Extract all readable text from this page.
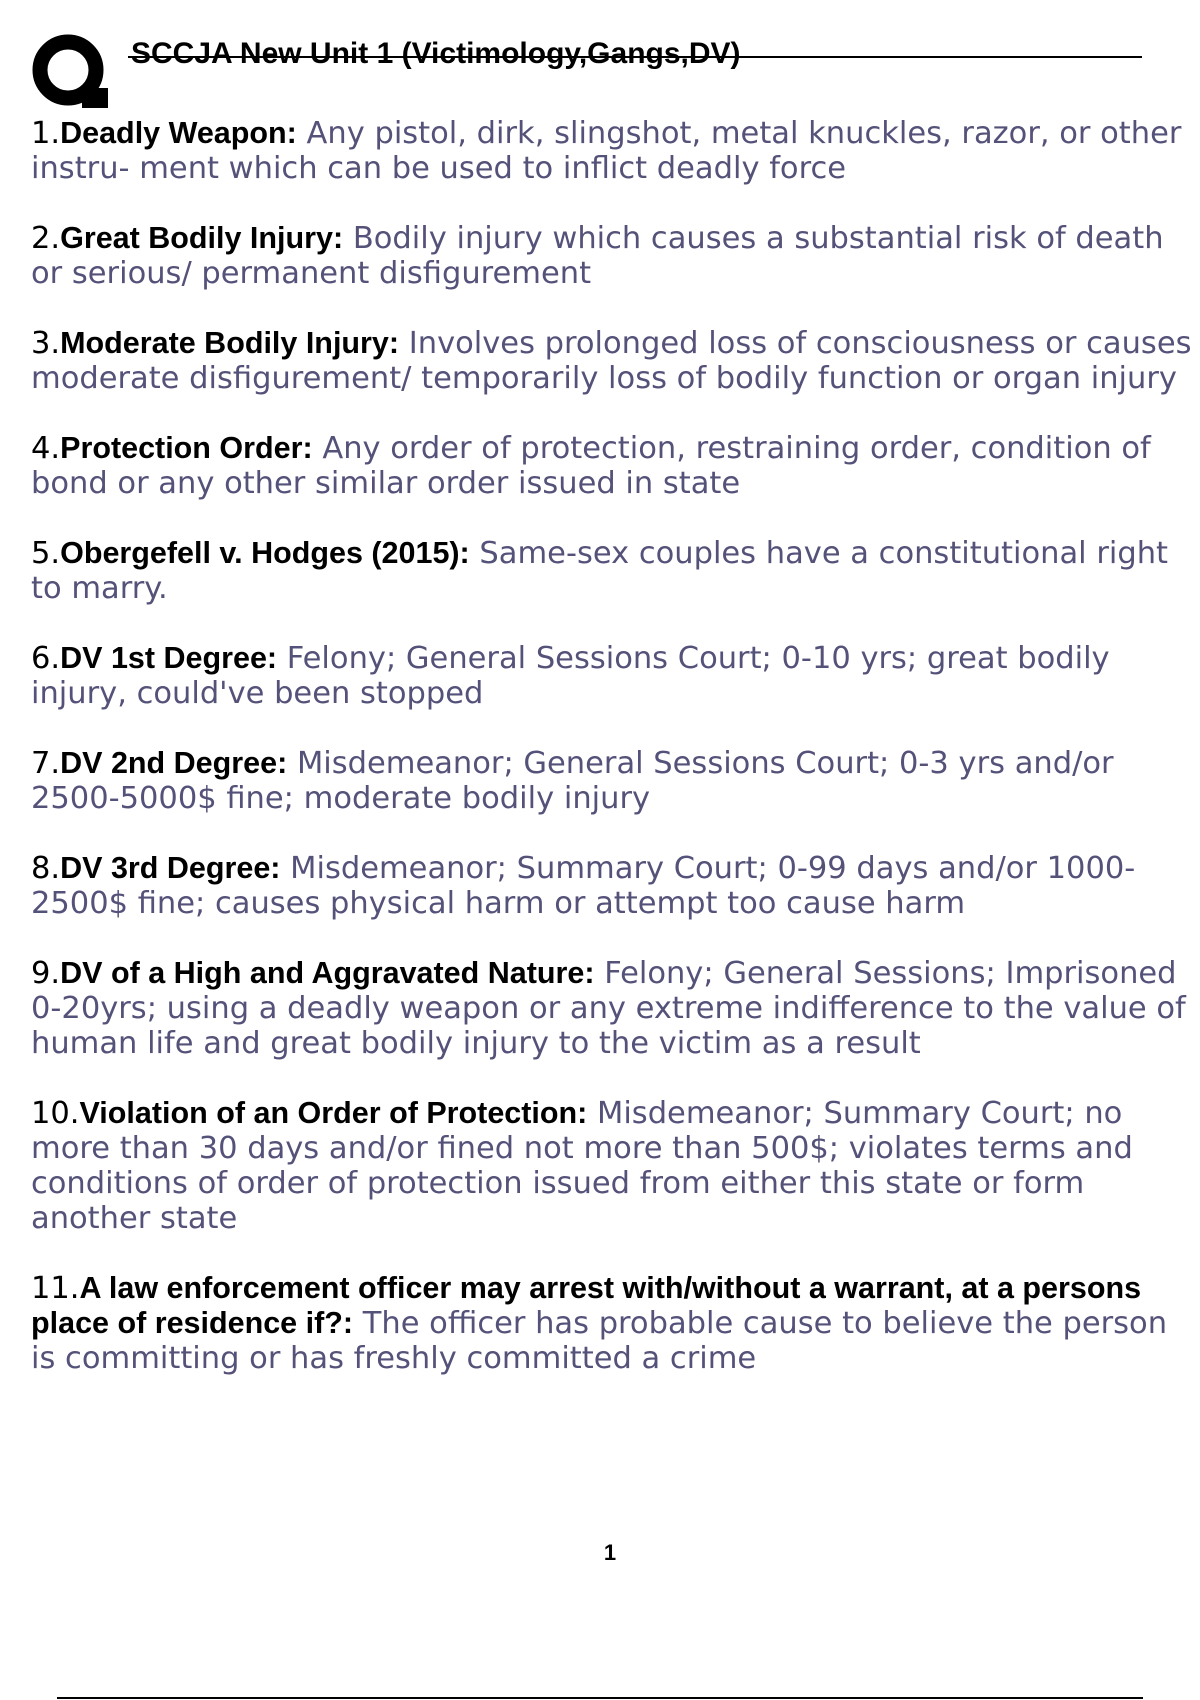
SCCJA New Unit 1 (Victimology,Gangs,DV)
1.Deadly Weapon: Any pistol, dirk, slingshot, metal knuckles, razor, or other instru- ment which can be used to inflict deadly force
2.Great Bodily Injury: Bodily injury which causes a substantial risk of death or serious/ permanent disfigurement
3.Moderate Bodily Injury: Involves prolonged loss of consciousness or causes moderate disfigurement/ temporarily loss of bodily function or organ injury
4.Protection Order: Any order of protection, restraining order, condition of bond or any other similar order issued in state
5.Obergefell v. Hodges (2015): Same-sex couples have a constitutional right to marry.
6.DV 1st Degree: Felony; General Sessions Court; 0-10 yrs; great bodily injury, could've been stopped
7.DV 2nd Degree: Misdemeanor; General Sessions Court; 0-3 yrs and/or 2500-5000$ fine; moderate bodily injury
8.DV 3rd Degree: Misdemeanor; Summary Court; 0-99 days and/or 1000-2500$ fine; causes physical harm or attempt too cause harm
9.DV of a High and Aggravated Nature: Felony; General Sessions; Imprisoned 0-20yrs; using a deadly weapon or any extreme indifference to the value of human life and great bodily injury to the victim as a result
10.Violation of an Order of Protection: Misdemeanor; Summary Court; no more than 30 days and/or fined not more than 500$; violates terms and conditions of order of protection issued from either this state or form another state
11.A law enforcement officer may arrest with/without a warrant, at a persons place of residence if?: The officer has probable cause to believe the person is committing or has freshly committed a crime
1
